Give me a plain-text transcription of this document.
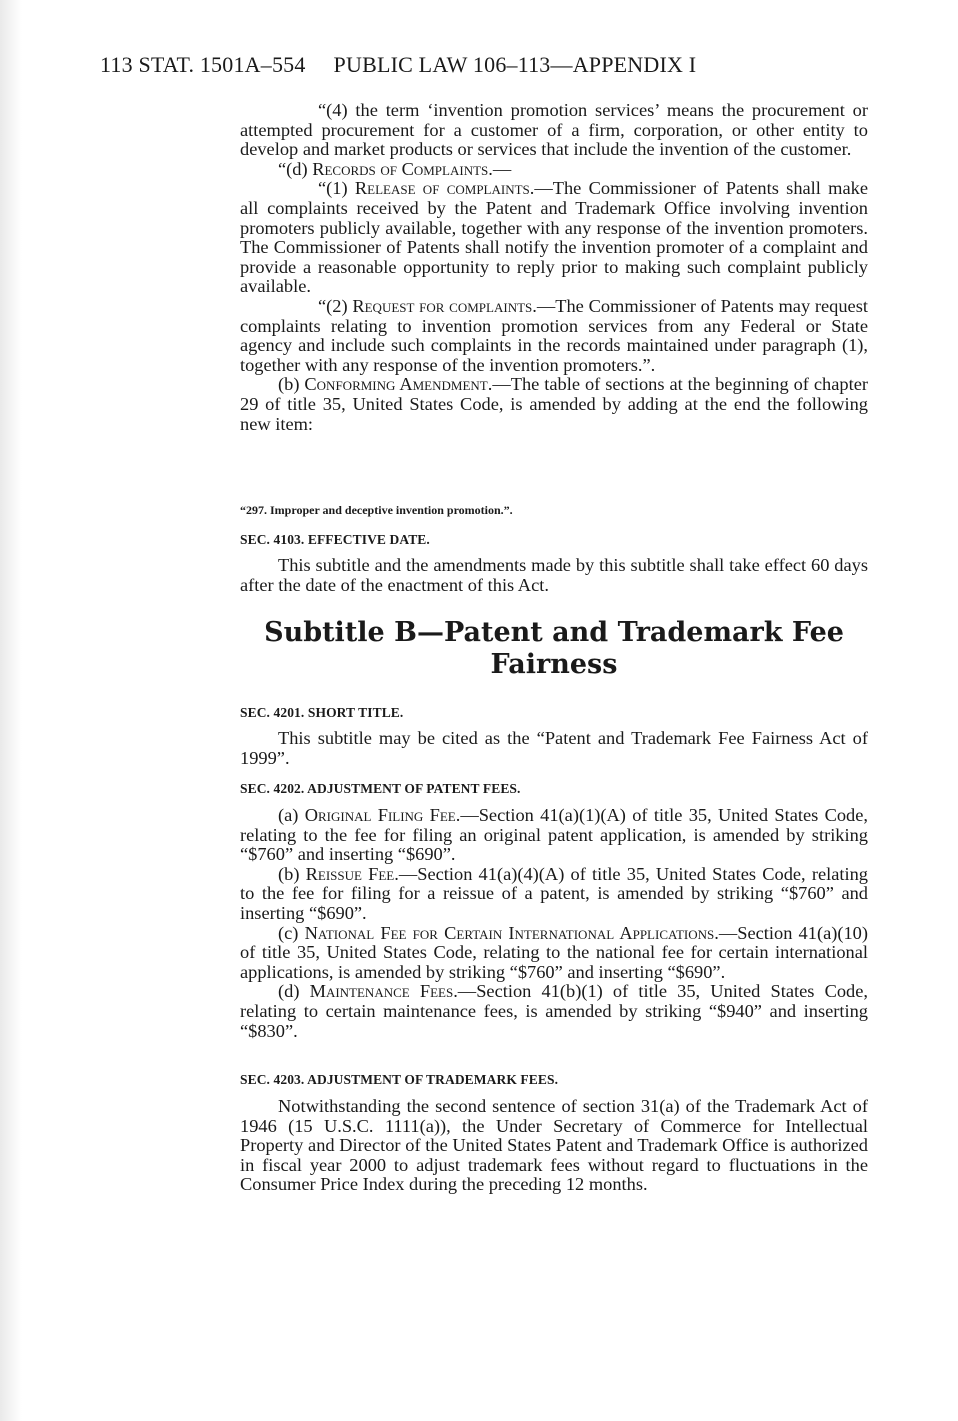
113 STAT. 1501A–554 PUBLIC LAW 106–113—APPENDIX I

“(4) the term ‘invention promotion services’ means the procurement or attempted procurement for a customer of a firm, corporation, or other entity to develop and market products or services that include the invention of the customer.

“(d) Records of Complaints.—

“(1) Release of complaints.—The Commissioner of Patents shall make all complaints received by the Patent and Trademark Office involving invention promoters publicly available, together with any response of the invention promoters. The Commissioner of Patents shall notify the invention promoter of a complaint and provide a reasonable opportunity to reply prior to making such complaint publicly available.

“(2) Request for complaints.—The Commissioner of Patents may request complaints relating to invention promotion services from any Federal or State agency and include such complaints in the records maintained under paragraph (1), together with any response of the invention promoters.”.

(b) Conforming Amendment.—The table of sections at the beginning of chapter 29 of title 35, United States Code, is amended by adding at the end the following new item:

“297. Improper and deceptive invention promotion.”.
SEC. 4103. EFFECTIVE DATE.

This subtitle and the amendments made by this subtitle shall take effect 60 days after the date of the enactment of this Act.

Subtitle B—Patent and Trademark Fee
Fairness
SEC. 4201. SHORT TITLE.

This subtitle may be cited as the “Patent and Trademark Fee Fairness Act of 1999”.

SEC. 4202. ADJUSTMENT OF PATENT FEES.

(a) Original Filing Fee.—Section 41(a)(1)(A) of title 35, United States Code, relating to the fee for filing an original patent application, is amended by striking “$760” and inserting “$690”.

(b) Reissue Fee.—Section 41(a)(4)(A) of title 35, United States Code, relating to the fee for filing for a reissue of a patent, is amended by striking “$760” and inserting “$690”.

(c) National Fee for Certain International Applications.—Section 41(a)(10) of title 35, United States Code, relating to the national fee for certain international applications, is amended by striking “$760” and inserting “$690”.

(d) Maintenance Fees.—Section 41(b)(1) of title 35, United States Code, relating to certain maintenance fees, is amended by striking “$940” and inserting “$830”.

SEC. 4203. ADJUSTMENT OF TRADEMARK FEES.

Notwithstanding the second sentence of section 31(a) of the Trademark Act of 1946 (15 U.S.C. 1111(a)), the Under Secretary of Commerce for Intellectual Property and Director of the United States Patent and Trademark Office is authorized in fiscal year 2000 to adjust trademark fees without regard to fluctuations in the Consumer Price Index during the preceding 12 months.
